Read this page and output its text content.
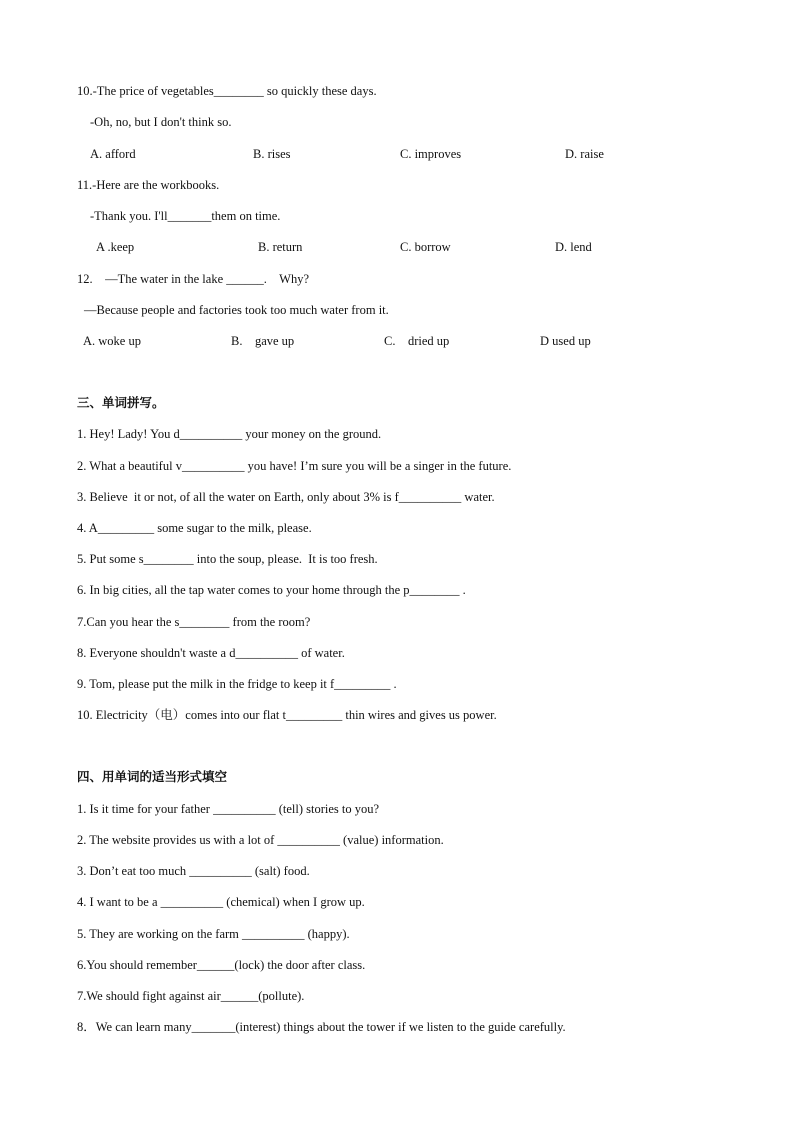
10.-The price of vegetables________ so quickly these days.
-Oh, no, but I don't think so.
A. afford	B. rises	C. improves	D. raise
11.-Here are the workbooks.
-Thank you. I'll_______them on time.
A .keep	B. return	C. borrow	D. lend
12.    —The water in the lake ______.    Why?
—Because people and factories took too much water from it.
A. woke up	B.    gave up	C.    dried up	D used up
三、单词拼写。
1. Hey! Lady! You d__________ your money on the ground.
2. What a beautiful v__________ you have! I’m sure you will be a singer in the future.
3. Believe  it or not, of all the water on Earth, only about 3% is f__________ water.
4. A_________ some sugar to the milk, please.
5. Put some s________ into the soup, please.  It is too fresh.
6. In big cities, all the tap water comes to your home through the p________ .
7.Can you hear the s________ from the room?
8. Everyone shouldn't waste a d__________ of water.
9. Tom, please put the milk in the fridge to keep it f_________ .
10. Electricity（电）comes into our flat t_________ thin wires and gives us power.
四、用单词的适当形式填空
1. Is it time for your father __________ (tell) stories to you?
2. The website provides us with a lot of __________ (value) information.
3. Don’t eat too much __________ (salt) food.
4. I want to be a __________ (chemical) when I grow up.
5. They are working on the farm __________ (happy).
6.You should remember______(lock) the door after class.
7.We should fight against air______(pollute).
8．We can learn many_______(interest) things about the tower if we listen to the guide carefully.
